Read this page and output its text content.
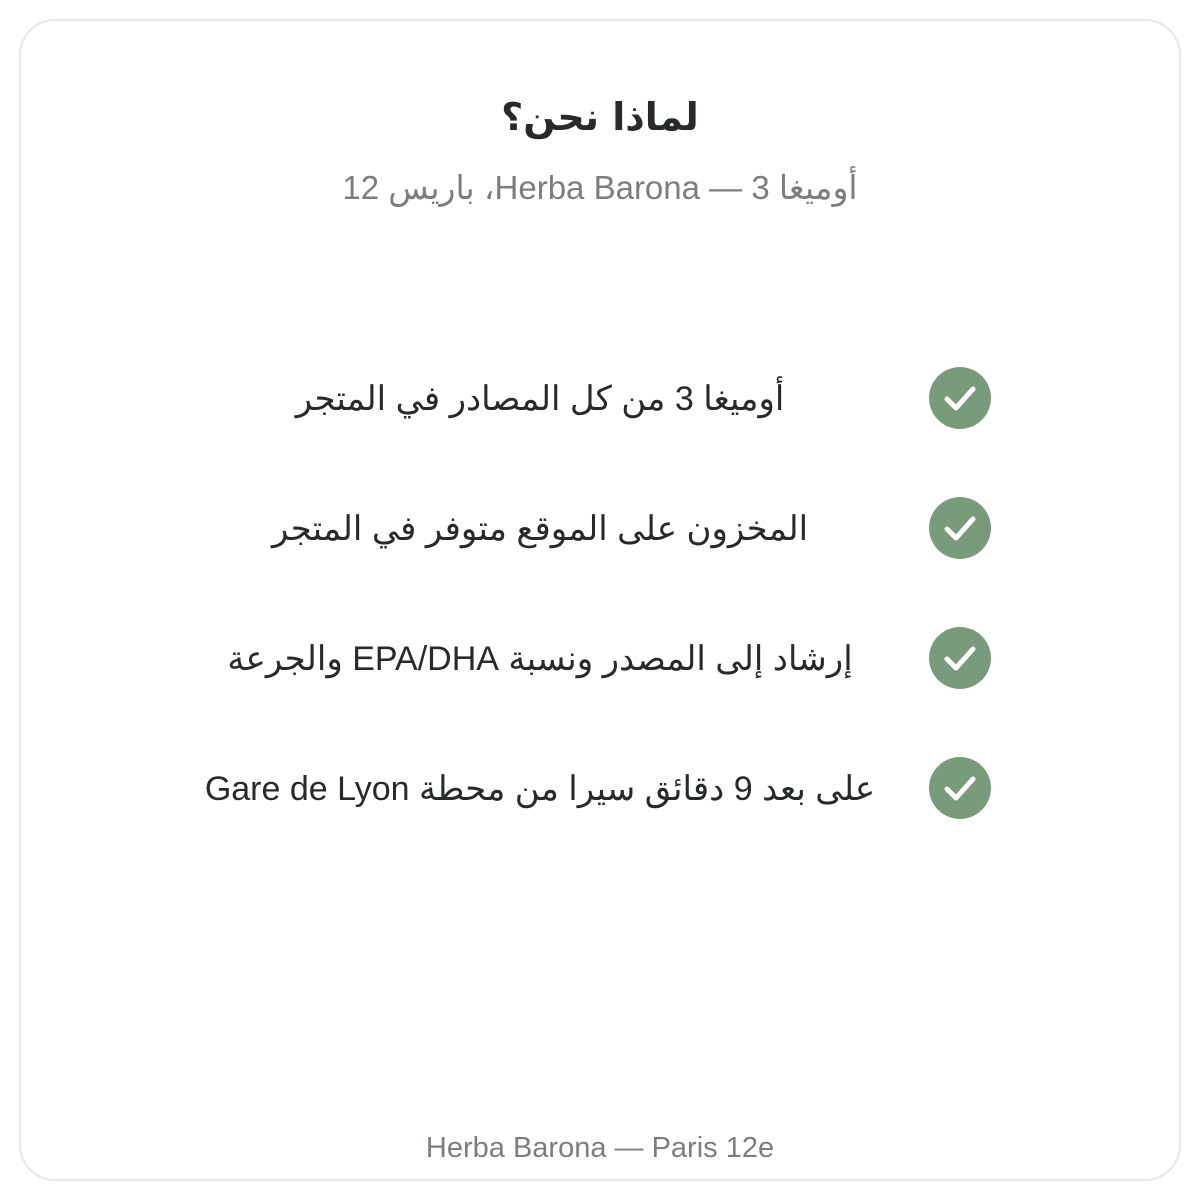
لماذا نحن؟
أوميغا 3 — Herba Barona، باريس 12
أوميغا 3 من كل المصادر في المتجر
المخزون على الموقع متوفر في المتجر
إرشاد إلى المصدر ونسبة EPA/DHA والجرعة
على بعد 9 دقائق سيرا من محطة Gare de Lyon
Herba Barona — Paris 12e
